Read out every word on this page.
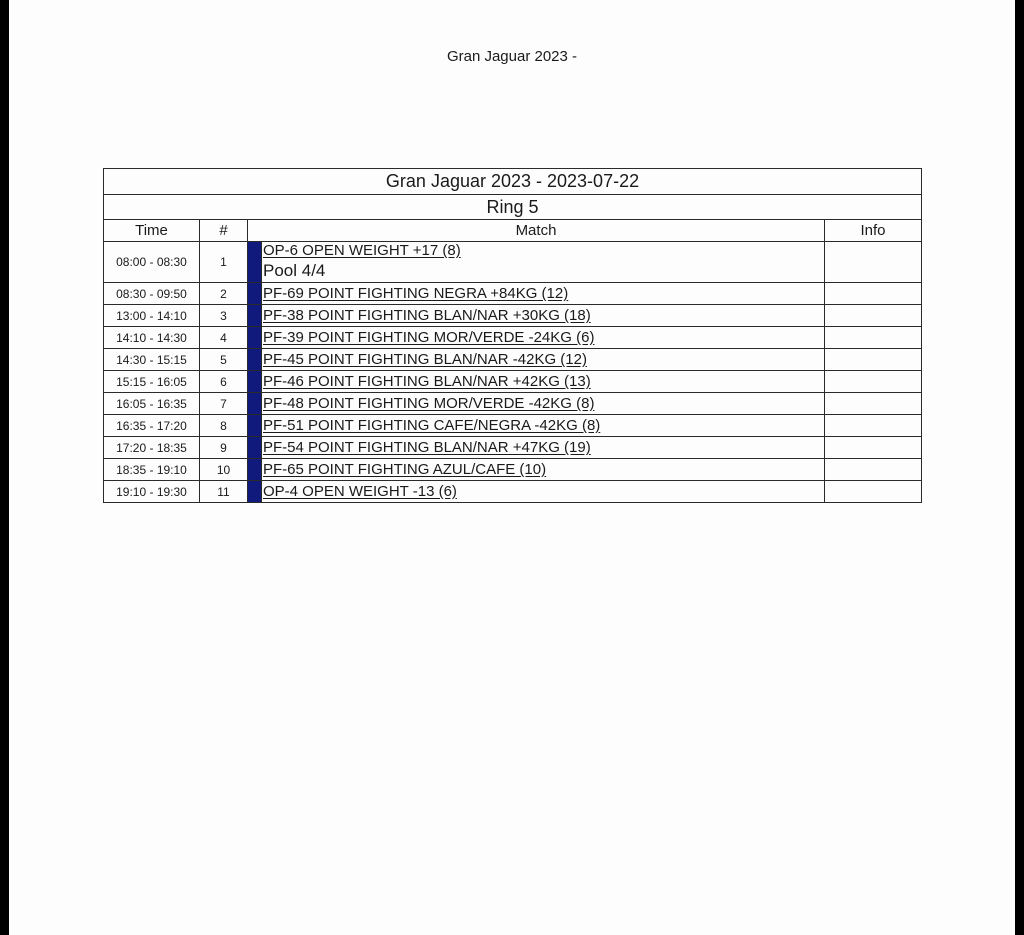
Gran Jaguar 2023 -
Gran Jaguar 2023 - 2023-07-22				
Ring 5				
Time	#	Match		Info
08:00 - 08:30	1		OP-6 OPEN WEIGHT +17 (8)
Pool 4/4	

08:30 - 09:50	2		PF-69 POINT FIGHTING NEGRA +84KG (12)	
13:00 - 14:10	3		PF-38 POINT FIGHTING BLAN/NAR +30KG (18)	
14:10 - 14:30	4		PF-39 POINT FIGHTING MOR/VERDE -24KG (6)	
14:30 - 15:15	5		PF-45 POINT FIGHTING BLAN/NAR -42KG (12)	
15:15 - 16:05	6		PF-46 POINT FIGHTING BLAN/NAR +42KG (13)	
16:05 - 16:35	7		PF-48 POINT FIGHTING MOR/VERDE -42KG (8)	
16:35 - 17:20	8		PF-51 POINT FIGHTING CAFE/NEGRA -42KG (8)	
17:20 - 18:35	9		PF-54 POINT FIGHTING BLAN/NAR +47KG (19)	
18:35 - 19:10	10		PF-65 POINT FIGHTING AZUL/CAFE (10)	
19:10 - 19:30	11		OP-4 OPEN WEIGHT -13 (6)	
